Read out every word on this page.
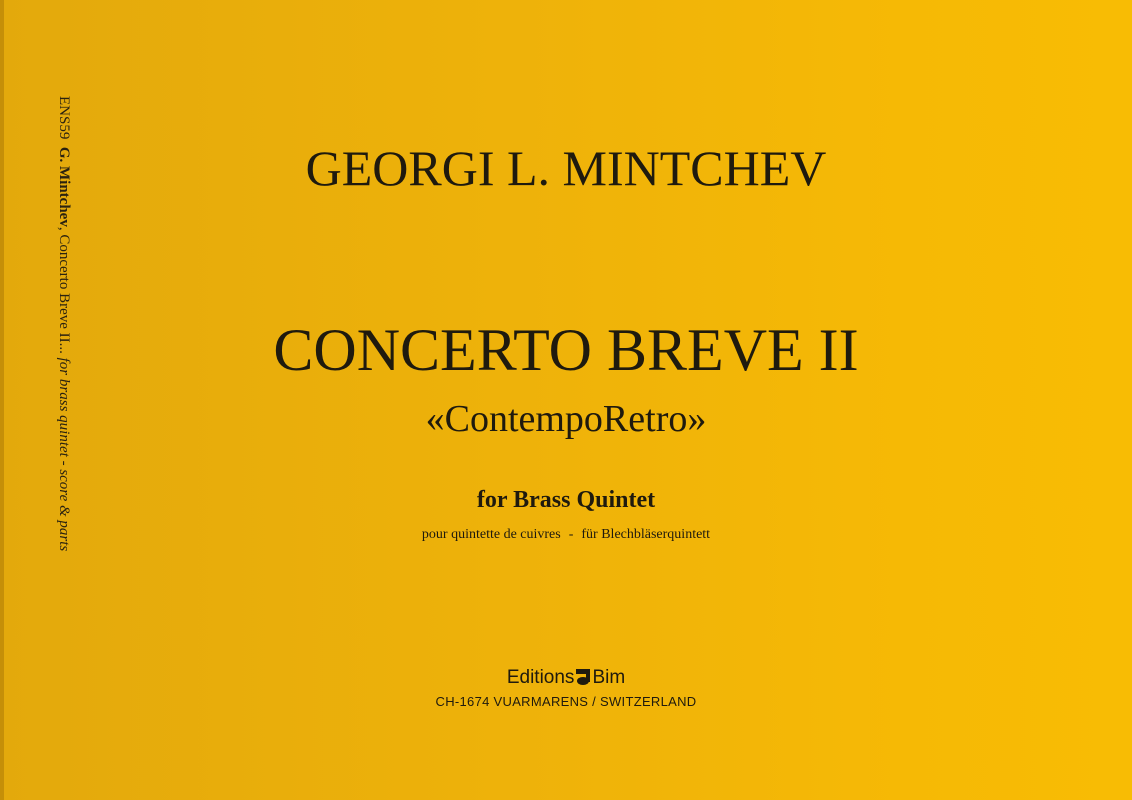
ENS59  G. Mintchev, Concerto Breve II... for brass quintet - score & parts
GEORGI L. MINTCHEV
CONCERTO BREVE II
«ContempoRetro»
for Brass Quintet
pour quintette de cuivres - für Blechbläserquintett
Editions Bim
CH-1674 VUARMARENS / SWITZERLAND
